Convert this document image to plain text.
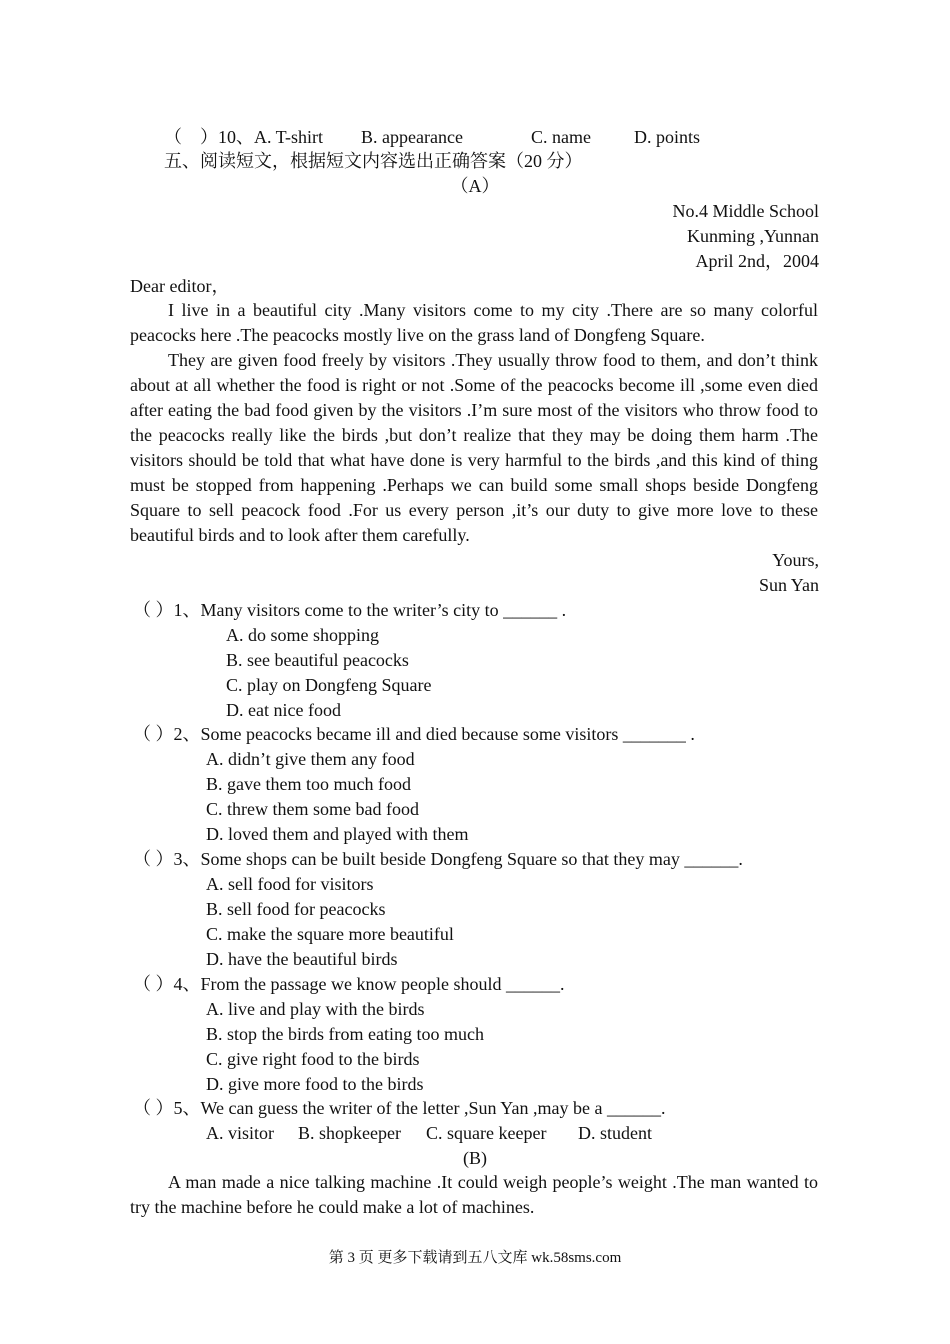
（　）10、A. T-shirt B. appearance	C. name D. points
五、阅读短文，根据短文内容选出正确答案（20 分）
（A）
No.4 Middle School
Kunming ,Yunnan
April 2nd，2004
Dear editor，

I live in a beautiful city .Many visitors come to my city .There are so many colorful peacocks here .The peacocks mostly live on the grass land of Dongfeng Square.

They are given food freely by visitors .They usually throw food to them, and don’t think about at all whether the food is right or not .Some of the peacocks become ill ,some even died after eating the bad food given by the visitors .I’m sure most of the visitors who throw food to the peacocks really like the birds ,but don’t realize that they may be doing them harm .The visitors should be told that what have done is very harmful to the birds ,and this kind of thing must be stopped from happening .Perhaps we can build some small shops beside Dongfeng Square to sell peacock food .For us every person ,it’s our duty to give more love to these beautiful birds and to look after them carefully.

Yours,
Sun Yan
（ ）1、Many visitors come to the writer’s city to ______ .
A. do some shopping
B. see beautiful peacocks
C. play on Dongfeng Square
D. eat nice food
（ ）2、Some peacocks became ill and died because some visitors _______ .
A. didn’t give them any food
B. gave them too much food
C. threw them some bad food
D. loved them and played with them
（ ）3、Some shops can be built beside Dongfeng Square so that they may ______.
A. sell food for visitors
B. sell food for peacocks
C. make the square more beautiful
D. have the beautiful birds
（ ）4、From the passage we know people should ______.
A. live and play with the birds
B. stop the birds from eating too much
C. give right food to the birds
D. give more food to the birds
（ ）5、We can guess the writer of the letter ,Sun Yan ,may be a ______.
A. visitor B. shopkeeper C. square keeper D. student
(B)

A man made a nice talking machine .It could weigh people’s weight .The man wanted to try the machine before he could make a lot of machines.

第 3 页 更多下载请到五八文库 wk.58sms.com
